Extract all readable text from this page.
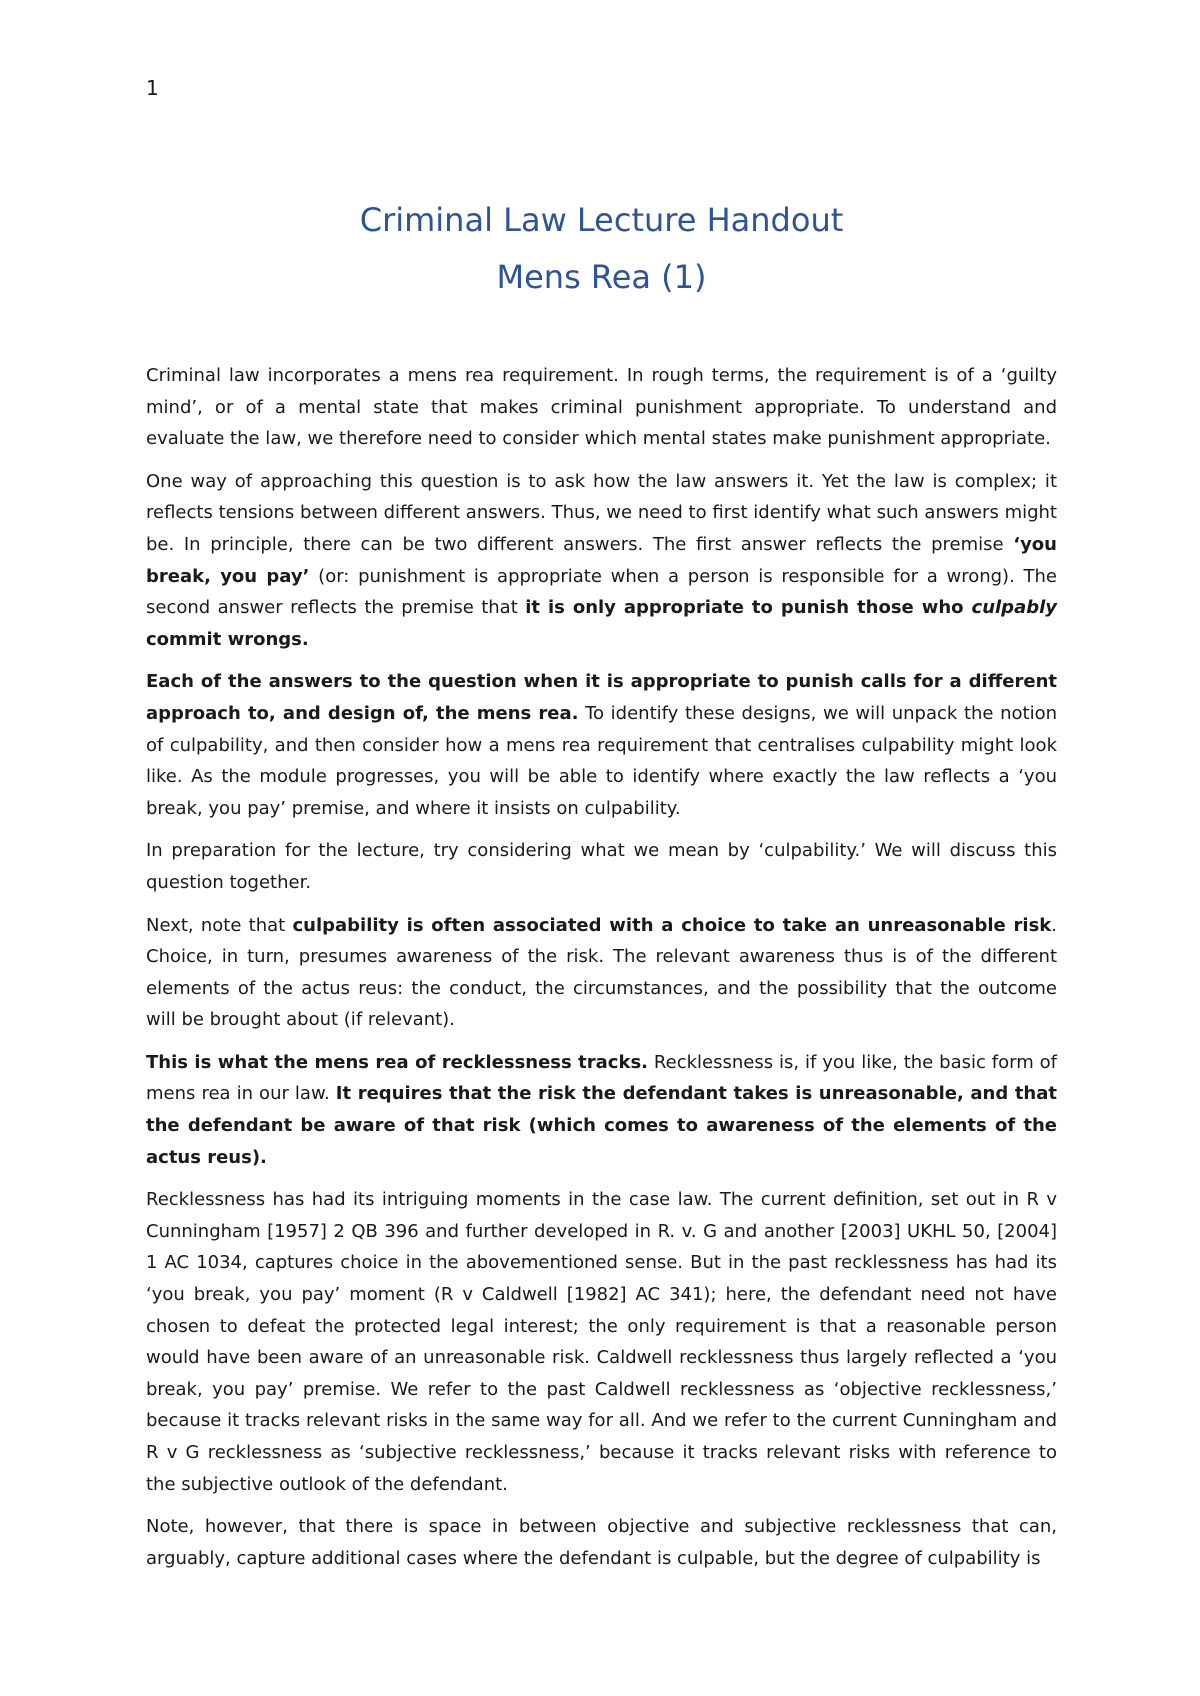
1
Criminal Law Lecture Handout
Mens Rea (1)

Criminal law incorporates a mens rea requirement. In rough terms, the requirement is of a ‘guilty mind’, or of a mental state that makes criminal punishment appropriate. To understand and evaluate the law, we therefore need to consider which mental states make punishment appropriate.

One way of approaching this question is to ask how the law answers it. Yet the law is complex; it reflects tensions between different answers. Thus, we need to first identify what such answers might be. In principle, there can be two different answers. The first answer reflects the premise ‘you break, you pay’ (or: punishment is appropriate when a person is responsible for a wrong). The second answer reflects the premise that it is only appropriate to punish those who culpably commit wrongs.

Each of the answers to the question when it is appropriate to punish calls for a different approach to, and design of, the mens rea. To identify these designs, we will unpack the notion of culpability, and then consider how a mens rea requirement that centralises culpability might look like. As the module progresses, you will be able to identify where exactly the law reflects a ‘you break, you pay’ premise, and where it insists on culpability.

In preparation for the lecture, try considering what we mean by ‘culpability.’ We will discuss this question together.

Next, note that culpability is often associated with a choice to take an unreasonable risk. Choice, in turn, presumes awareness of the risk. The relevant awareness thus is of the different elements of the actus reus: the conduct, the circumstances, and the possibility that the outcome will be brought about (if relevant).

This is what the mens rea of recklessness tracks. Recklessness is, if you like, the basic form of mens rea in our law. It requires that the risk the defendant takes is unreasonable, and that the defendant be aware of that risk (which comes to awareness of the elements of the actus reus).

Recklessness has had its intriguing moments in the case law. The current definition, set out in R v Cunningham [1957] 2 QB 396 and further developed in R. v. G and another [2003] UKHL 50, [2004] 1 AC 1034, captures choice in the abovementioned sense. But in the past recklessness has had its ‘you break, you pay’ moment (R v Caldwell [1982] AC 341); here, the defendant need not have chosen to defeat the protected legal interest; the only requirement is that a reasonable person would have been aware of an unreasonable risk. Caldwell recklessness thus largely reflected a ‘you break, you pay’ premise. We refer to the past Caldwell recklessness as ‘objective recklessness,’ because it tracks relevant risks in the same way for all. And we refer to the current Cunningham and R v G recklessness as ‘subjective recklessness,’ because it tracks relevant risks with reference to the subjective outlook of the defendant.

Note, however, that there is space in between objective and subjective recklessness that can, arguably, capture additional cases where the defendant is culpable, but the degree of culpability is
